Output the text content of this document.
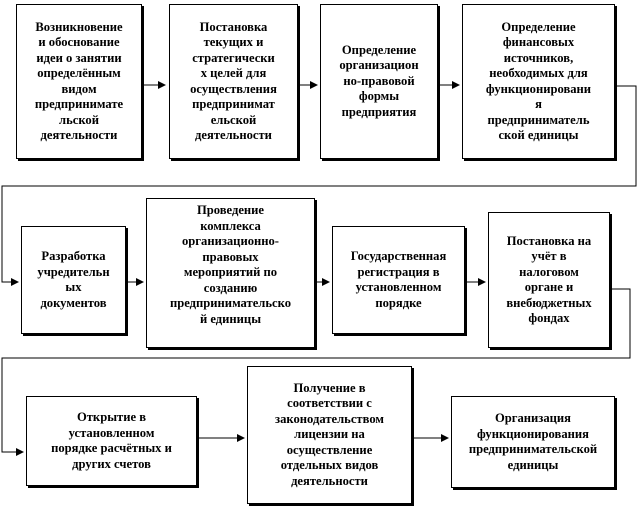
Возникновение
и обоснование
идеи о занятии
определённым
видом
предпринимате
льской
деятельности
Постановка
текущих и
стратегически
х целей для
осуществления
предпринимат
ельской
деятельности
Определение
организацион
но-правовой
формы
предприятия
Определение
финансовых
источников,
необходимых для
функционировани
я
предприниматель
ской единицы
Разработка
учредительн
ых
документов
Проведение
комплекса
организационно-
правовых
мероприятий по
созданию
предпринимательско
й единицы
Государственная
регистрация в
установленном
порядке
Постановка на
учёт в
налоговом
органе и
внебюджетных
фондах
Открытие в
установленном
порядке расчётных и
других счетов
Получение в
соответствии с
законодательством
лицензии на
осуществление
отдельных видов
деятельности
Организация
функционирования
предпринимательской
единицы
